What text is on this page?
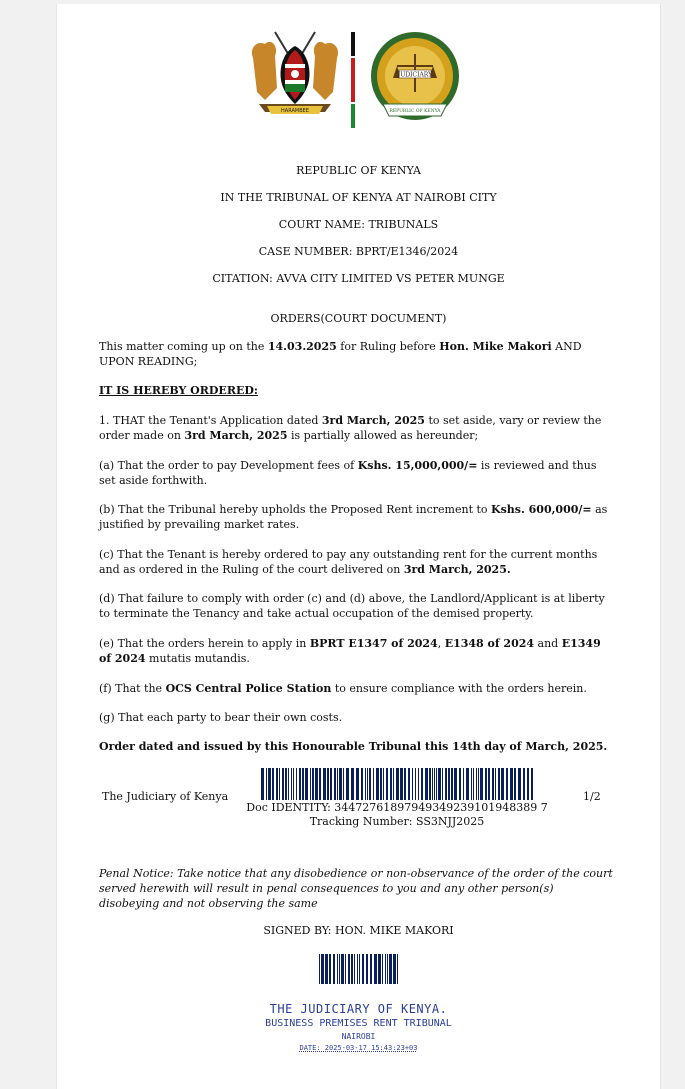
HARAMBEE
JUDICIARY
REPUBLIC OF KENYA
REPUBLIC OF KENYA
IN THE TRIBUNAL OF KENYA AT NAIROBI CITY
COURT NAME: TRIBUNALS
CASE NUMBER: BPRT/E1346/2024
CITATION: AVVA CITY LIMITED VS PETER MUNGE
ORDERS(COURT DOCUMENT)
This matter coming up on the 14.03.2025 for Ruling before Hon. Mike Makori AND UPON READING;
IT IS HEREBY ORDERED:
1. THAT the Tenant's Application dated 3rd March, 2025 to set aside, vary or review the order made on 3rd March, 2025 is partially allowed as hereunder;
(a) That the order to pay Development fees of Kshs. 15,000,000/= is reviewed and thus set aside forthwith.
(b) That the Tribunal hereby upholds the Proposed Rent increment to Kshs. 600,000/= as justified by prevailing market rates.
(c) That the Tenant is hereby ordered to pay any outstanding rent for the current months and as ordered in the Ruling of the court delivered on 3rd March, 2025.
(d) That failure to comply with order (c) and (d) above, the Landlord/Applicant is at liberty to terminate the Tenancy and take actual occupation of the demised property.
(e) That the orders herein to apply in BPRT E1347 of 2024, E1348 of 2024 and E1349 of 2024 mutatis mutandis.
(f) That the OCS Central Police Station to ensure compliance with the orders herein.
(g) That each party to bear their own costs.
Order dated and issued by this Honourable Tribunal this 14th day of March, 2025.
The Judiciary of Kenya
Doc IDENTITY: 34472761897949349239101948389 7 Tracking Number: SS3NJJ2025
1/2
Penal Notice: Take notice that any disobedience or non-observance of the order of the court served herewith will result in penal consequences to you and any other person(s) disobeying and not observing the same
SIGNED BY: HON. MIKE MAKORI
THE JUDICIARY OF KENYA.
BUSINESS PREMISES RENT TRIBUNAL
NAIROBI
DATE: 2025-03-17 15:43:23+03
